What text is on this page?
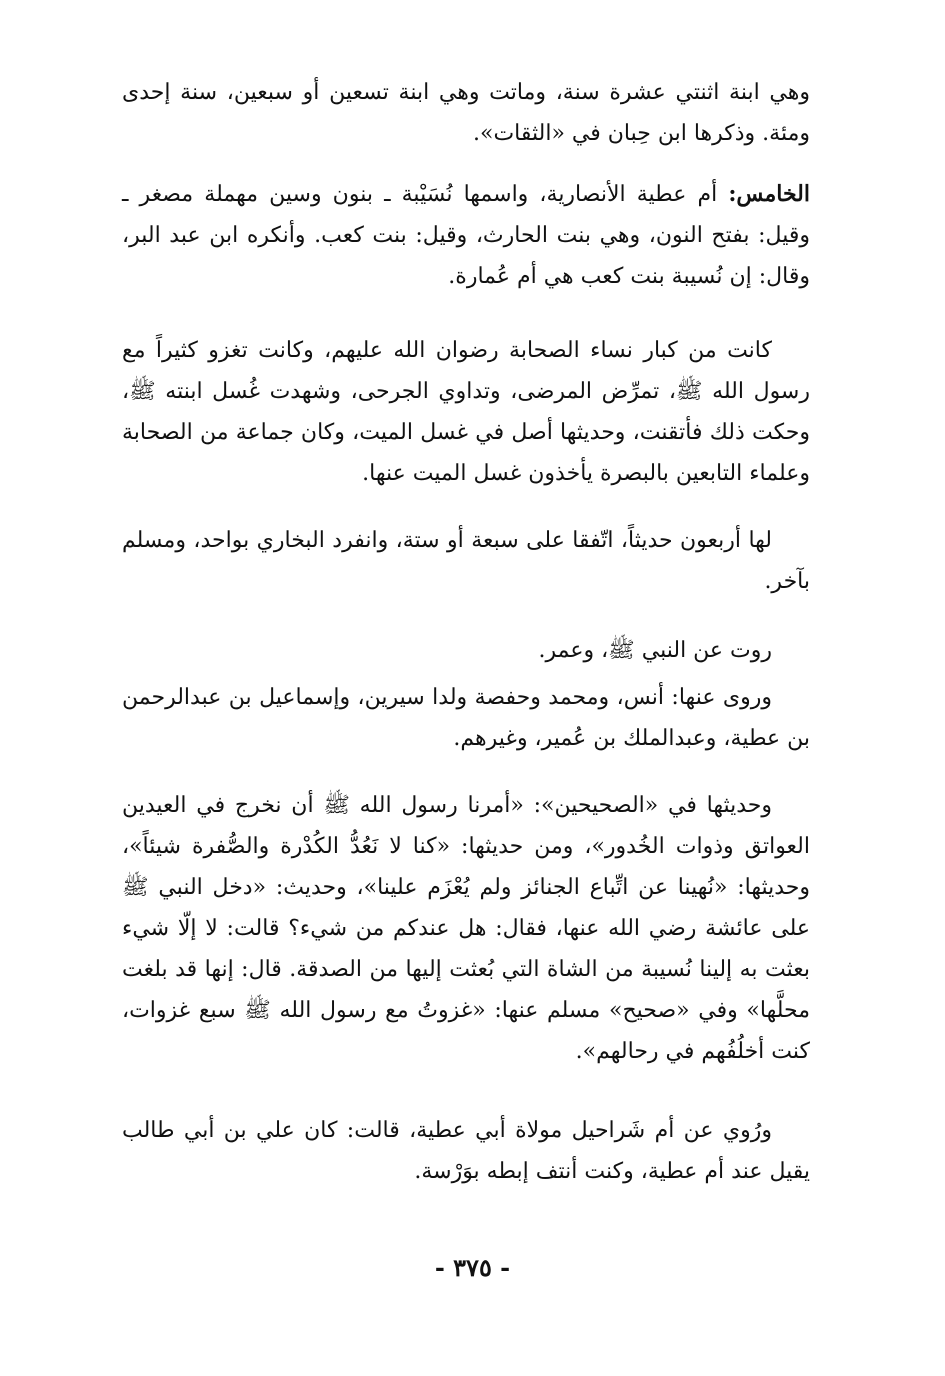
وهي ابنة اثنتي عشرة سنة، وماتت وهي ابنة تسعين أو سبعين، سنة إحدى ومئة. وذكرها ابن حِبان في «الثقات».

الخامس: أم عطية الأنصارية، واسمها نُسَيْبة ـ بنون وسين مهملة مصغر ـ وقيل: بفتح النون، وهي بنت الحارث، وقيل: بنت كعب. وأنكره ابن عبد البر، وقال: إن نُسيبة بنت كعب هي أم عُمارة.

كانت من كبار نساء الصحابة رضوان الله عليهم، وكانت تغزو كثيراً مع رسول الله ﷺ، تمرِّض المرضى، وتداوي الجرحى، وشهدت غُسل ابنته ﷺ، وحكت ذلك فأتقنت، وحديثها أصل في غسل الميت، وكان جماعة من الصحابة وعلماء التابعين بالبصرة يأخذون غسل الميت عنها.

لها أربعون حديثاً، اتّفقا على سبعة أو ستة، وانفرد البخاري بواحد، ومسلم بآخر.

روت عن النبي ﷺ، وعمر.

وروى عنها: أنس، ومحمد وحفصة ولدا سيرين، وإسماعيل بن عبدالرحمن بن عطية، وعبدالملك بن عُمير، وغيرهم.

وحديثها في «الصحيحين»: «أمرنا رسول الله ﷺ أن نخرج في العيدين العواتق وذوات الخُدور»، ومن حديثها: «كنا لا نَعُدُّ الكُدْرة والصُّفرة شيئاً»، وحديثها: «نُهينا عن اتِّباع الجنائز ولم يُعْزَم علينا»، وحديث: «دخل النبي ﷺ على عائشة رضي الله عنها، فقال: هل عندكم من شيء؟ قالت: لا إلّا شيء بعثت به إلينا نُسيبة من الشاة التي بُعثت إليها من الصدقة. قال: إنها قد بلغت محلَّها» وفي «صحيح» مسلم عنها: «غزوتُ مع رسول الله ﷺ سبع غزوات، كنت أخلُفُهم في رحالهم».

ورُوي عن أم شَراحيل مولاة أبي عطية، قالت: كان علي بن أبي طالب يقيل عند أم عطية، وكنت أنتف إبطه بوَرْسة.

- ٣٧٥ -
